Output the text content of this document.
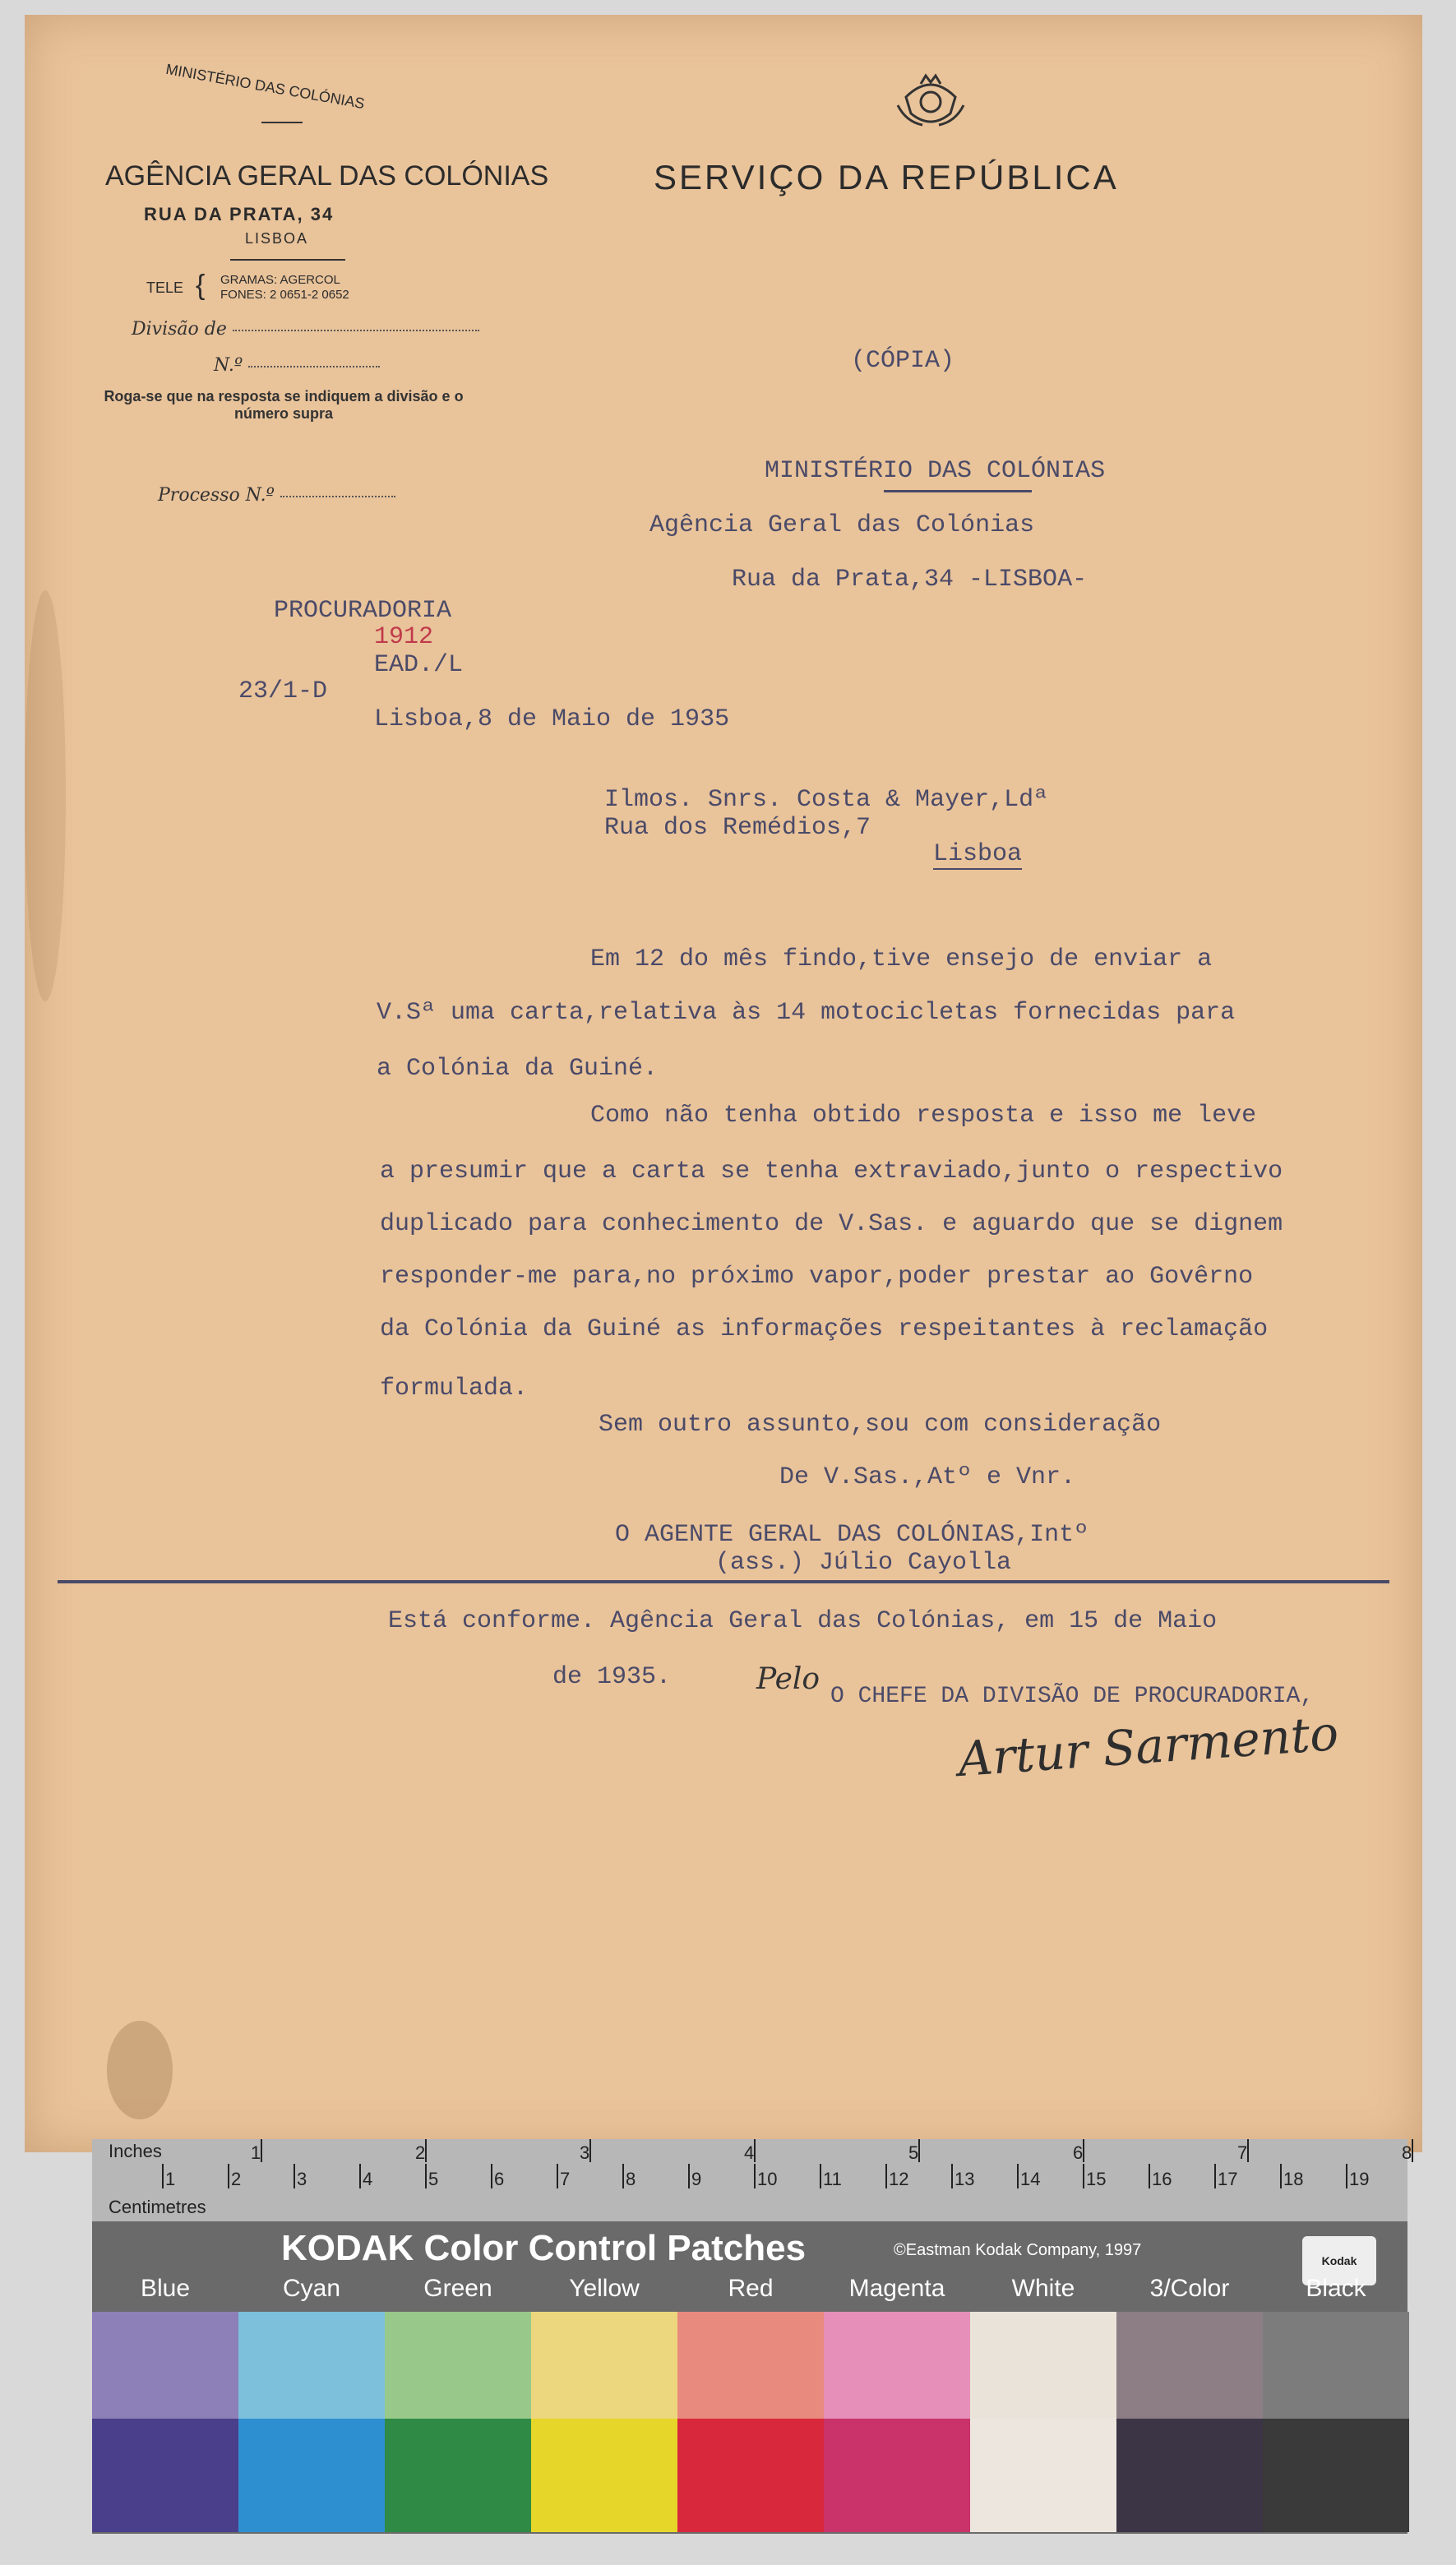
MINISTÉRIO DAS COLÓNIAS
AGÊNCIA GERAL DAS COLÓNIAS
RUA DA PRATA, 34
LISBOA
TELE { GRAMAS: AGERCOL
FONES: 2 0651-2 0652
Divisão de
N.º
Roga-se que na resposta se indiquem a divisão e o número supra
Processo N.º
SERVIÇO DA REPÚBLICA
(CÓPIA)
MINISTÉRIO DAS COLÓNIAS
Agência Geral das Colónias
Rua da Prata,34 -LISBOA-
PROCURADORIA
1912
EAD./L
23/1-D
Lisboa,8 de Maio de 1935
Ilmos. Snrs. Costa & Mayer,Ldª
Rua dos Remédios,7
Lisboa
Em 12 do mês findo,tive ensejo de enviar a
V.Sª uma carta,relativa às 14 motocicletas fornecidas para
a Colónia da Guiné.
Como não tenha obtido resposta e isso me leve
a presumir que a carta se tenha extraviado,junto o respectivo
duplicado para conhecimento de V.Sas. e aguardo que se dignem
responder-me para,no próximo vapor,poder prestar ao Govêrno
da Colónia da Guiné as informações respeitantes à reclamação
formulada.
Sem outro assunto,sou com consideração
De V.Sas.,Atº e Vnr.
O AGENTE GERAL DAS COLÓNIAS,Intº
(ass.) Júlio Cayolla
Está conforme. Agência Geral das Colónias, em 15 de Maio
de 1935.	Pelo
O CHEFE DA DIVISÃO DE PROCURADORIA,
Artur Sarmento
Inches
Centimetres
1	2	3	4	5	6	7	8
1	2	3	4	5	6	7	8	9	10	11	12	13	14	15	16	17	18	19
KODAK Color Control Patches	©Eastman Kodak Company, 1997
Kodak
Blue	Cyan	Green	Yellow	Red	Magenta	White	3/Color	Black
